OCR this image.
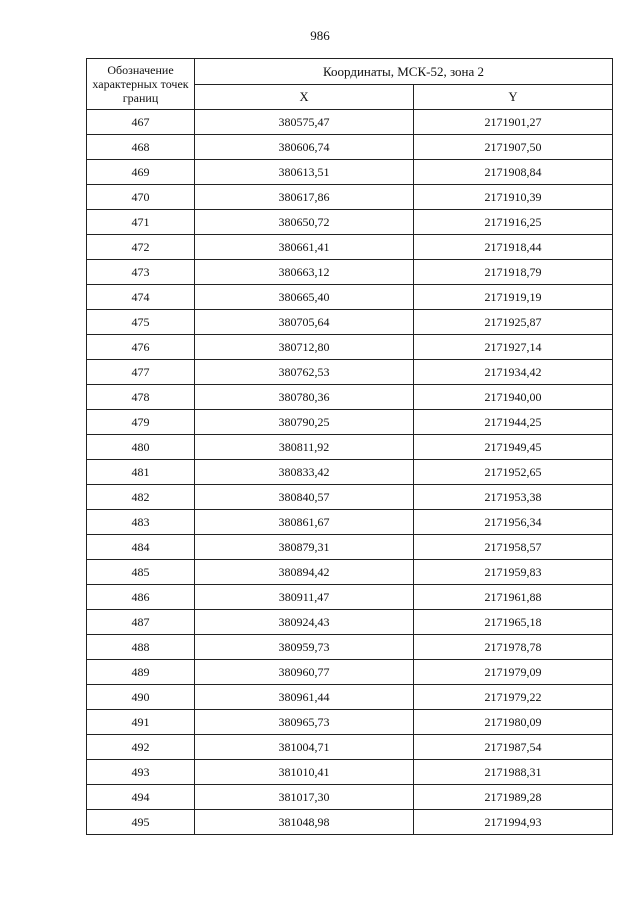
986
Обозначение характерных точек границ	Координаты, МСК-52, зона 2	
	X	Y
467	380575,47	2171901,27
468	380606,74	2171907,50
469	380613,51	2171908,84
470	380617,86	2171910,39
471	380650,72	2171916,25
472	380661,41	2171918,44
473	380663,12	2171918,79
474	380665,40	2171919,19
475	380705,64	2171925,87
476	380712,80	2171927,14
477	380762,53	2171934,42
478	380780,36	2171940,00
479	380790,25	2171944,25
480	380811,92	2171949,45
481	380833,42	2171952,65
482	380840,57	2171953,38
483	380861,67	2171956,34
484	380879,31	2171958,57
485	380894,42	2171959,83
486	380911,47	2171961,88
487	380924,43	2171965,18
488	380959,73	2171978,78
489	380960,77	2171979,09
490	380961,44	2171979,22
491	380965,73	2171980,09
492	381004,71	2171987,54
493	381010,41	2171988,31
494	381017,30	2171989,28
495	381048,98	2171994,93
